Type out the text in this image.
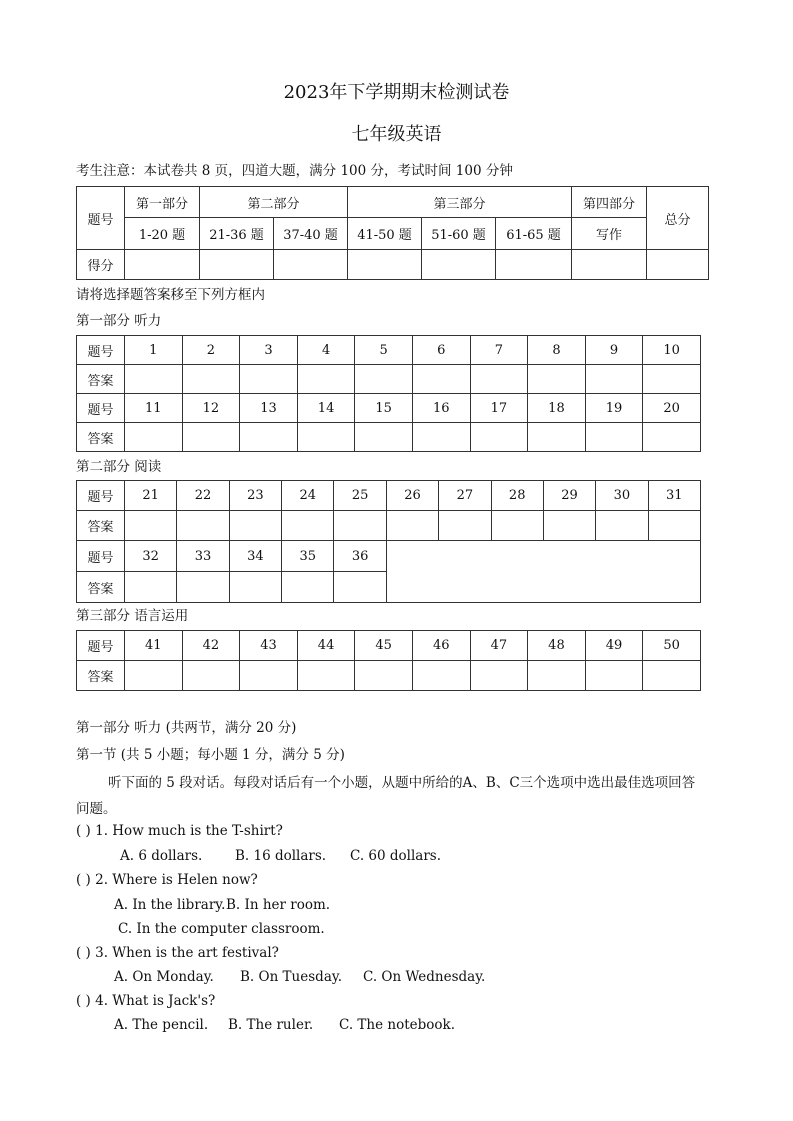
2023年下学期期末检测试卷
七年级英语
考生注意：本试卷共 8 页，四道大题，满分 100 分，考试时间 100 分钟
题号	第一部分	第二部分		第三部分			第四部分	总分
	1-20 题	21-36 题	37-40 题	41-50 题	51-60 题	61-65 题	写作	
得分								
请将选择题答案移至下列方框内
第一部分 听力
题号	1	2	3	4	5	6	7	8	9	10
答案										
题号	11	12	13	14	15	16	17	18	19	20
答案										
第二部分 阅读
题号	21	22	23	24	25	26	27	28	29	30	31
答案											
题号	32	33	34	35	36						
答案											
第三部分 语言运用
题号	41	42	43	44	45	46	47	48	49	50
答案										
第一部分 听力 (共两节，满分 20 分)
第一节 (共 5 小题；每小题 1 分，满分 5 分)
听下面的 5 段对话。每段对话后有一个小题，从题中所给的A、B、C三个选项中选出最佳选项回答
问题。
( ) 1. How much is the T-shirt?
A. 6 dollars. B. 16 dollars. C. 60 dollars.
( ) 2. Where is Helen now?
A. In the library. B. In her room.
C. In the computer classroom.
( ) 3. When is the art festival?
A. On Monday. B. On Tuesday. C. On Wednesday.
( ) 4. What is Jack's?
A. The pencil. B. The ruler. C. The notebook.
